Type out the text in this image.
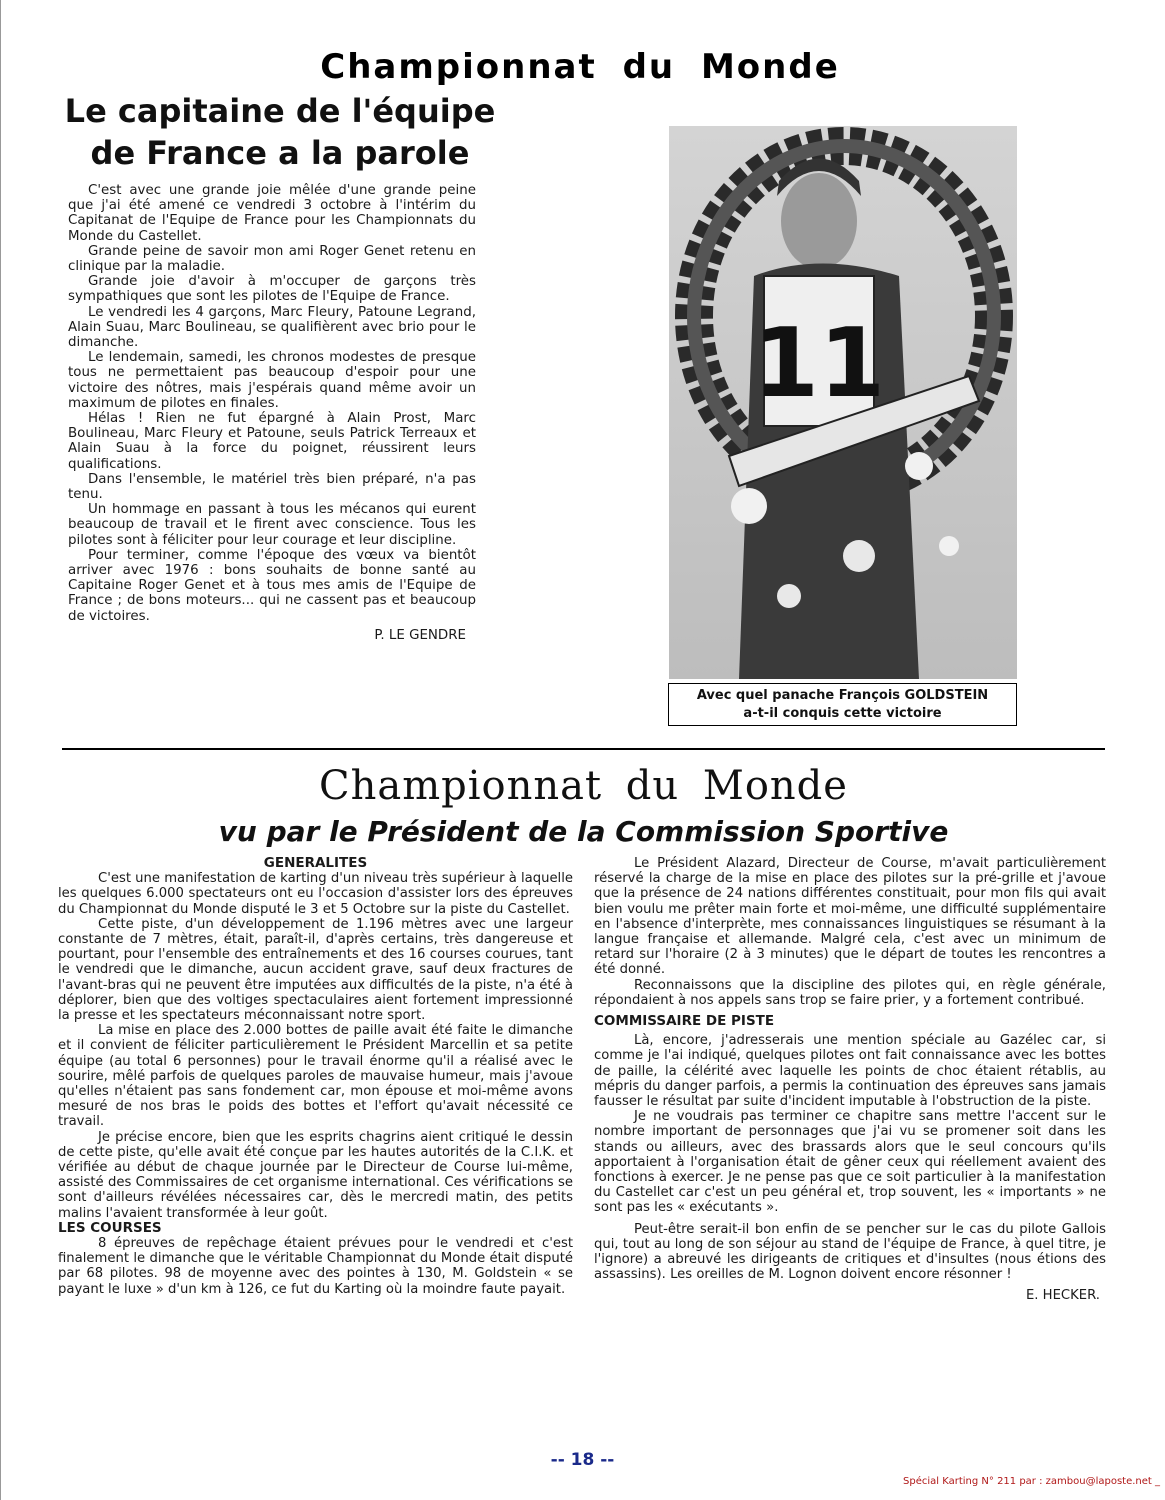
Championnat du Monde
Le capitaine de l'équipe
de France a la parole

C'est avec une grande joie mêlée d'une grande peine que j'ai été amené ce vendredi 3 octobre à l'intérim du Capitanat de l'Equipe de France pour les Championnats du Monde du Castellet.

Grande peine de savoir mon ami Roger Genet retenu en clinique par la maladie.

Grande joie d'avoir à m'occuper de garçons très sympathiques que sont les pilotes de l'Equipe de France.

Le vendredi les 4 garçons, Marc Fleury, Patoune Legrand, Alain Suau, Marc Boulineau, se qualifièrent avec brio pour le dimanche.

Le lendemain, samedi, les chronos modestes de presque tous ne permettaient pas beaucoup d'espoir pour une victoire des nôtres, mais j'espérais quand même avoir un maximum de pilotes en finales.

Hélas ! Rien ne fut épargné à Alain Prost, Marc Boulineau, Marc Fleury et Patoune, seuls Patrick Terreaux et Alain Suau à la force du poignet, réussirent leurs qualifications.

Dans l'ensemble, le matériel très bien préparé, n'a pas tenu.

Un hommage en passant à tous les mécanos qui eurent beaucoup de travail et le firent avec conscience. Tous les pilotes sont à féliciter pour leur courage et leur discipline.

Pour terminer, comme l'époque des vœux va bientôt arriver avec 1976 : bons souhaits de bonne santé au Capitaine Roger Genet et à tous mes amis de l'Equipe de France ; de bons moteurs... qui ne cassent pas et beaucoup de victoires.

P. LE GENDRE

11
Avec quel panache François GOLDSTEIN
a-t-il conquis cette victoire
Championnat du Monde
vu par le Président de la Commission Sportive

GENERALITES

C'est une manifestation de karting d'un niveau très supérieur à laquelle les quelques 6.000 spectateurs ont eu l'occasion d'assister lors des épreuves du Championnat du Monde disputé le 3 et 5 Octobre sur la piste du Castellet.

Cette piste, d'un développement de 1.196 mètres avec une largeur constante de 7 mètres, était, paraît-il, d'après certains, très dangereuse et pourtant, pour l'ensemble des entraînements et des 16 courses courues, tant le vendredi que le dimanche, aucun accident grave, sauf deux fractures de l'avant-bras qui ne peuvent être imputées aux difficultés de la piste, n'a été à déplorer, bien que des voltiges spectaculaires aient fortement impressionné la presse et les spectateurs méconnaissant notre sport.

La mise en place des 2.000 bottes de paille avait été faite le dimanche et il convient de féliciter particulièrement le Président Marcellin et sa petite équipe (au total 6 personnes) pour le travail énorme qu'il a réalisé avec le sourire, mêlé parfois de quelques paroles de mauvaise humeur, mais j'avoue qu'elles n'étaient pas sans fondement car, mon épouse et moi-même avons mesuré de nos bras le poids des bottes et l'effort qu'avait nécessité ce travail.

Je précise encore, bien que les esprits chagrins aient critiqué le dessin de cette piste, qu'elle avait été conçue par les hautes autorités de la C.I.K. et vérifiée au début de chaque journée par le Directeur de Course lui-même, assisté des Commissaires de cet organisme international. Ces vérifications se sont d'ailleurs révélées nécessaires car, dès le mercredi matin, des petits malins l'avaient transformée à leur goût.

LES COURSES

8 épreuves de repêchage étaient prévues pour le vendredi et c'est finalement le dimanche que le véritable Championnat du Monde était disputé par 68 pilotes. 98 de moyenne avec des pointes à 130, M. Goldstein « se payant le luxe » d'un km à 126, ce fut du Karting où la moindre faute payait.

Le Président Alazard, Directeur de Course, m'avait particulièrement réservé la charge de la mise en place des pilotes sur la pré-grille et j'avoue que la présence de 24 nations différentes constituait, pour mon fils qui avait bien voulu me prêter main forte et moi-même, une difficulté supplémentaire en l'absence d'interprète, mes connaissances linguistiques se résumant à la langue française et allemande. Malgré cela, c'est avec un minimum de retard sur l'horaire (2 à 3 minutes) que le départ de toutes les rencontres a été donné.

Reconnaissons que la discipline des pilotes qui, en règle générale, répondaient à nos appels sans trop se faire prier, y a fortement contribué.

COMMISSAIRE DE PISTE

Là, encore, j'adresserais une mention spéciale au Gazélec car, si comme je l'ai indiqué, quelques pilotes ont fait connaissance avec les bottes de paille, la célérité avec laquelle les points de choc étaient rétablis, au mépris du danger parfois, a permis la continuation des épreuves sans jamais fausser le résultat par suite d'incident imputable à l'obstruction de la piste.

Je ne voudrais pas terminer ce chapitre sans mettre l'accent sur le nombre important de personnages que j'ai vu se promener soit dans les stands ou ailleurs, avec des brassards alors que le seul concours qu'ils apportaient à l'organisation était de gêner ceux qui réellement avaient des fonctions à exercer. Je ne pense pas que ce soit particulier à la manifestation du Castellet car c'est un peu général et, trop souvent, les « importants » ne sont pas les « exécutants ».

Peut-être serait-il bon enfin de se pencher sur le cas du pilote Gallois qui, tout au long de son séjour au stand de l'équipe de France, à quel titre, je l'ignore) a abreuvé les dirigeants de critiques et d'insultes (nous étions des assassins). Les oreilles de M. Lognon doivent encore résonner !

E. HECKER.

-- 18 --
Spécial Karting N° 211 par : zambou@laposte.net _
